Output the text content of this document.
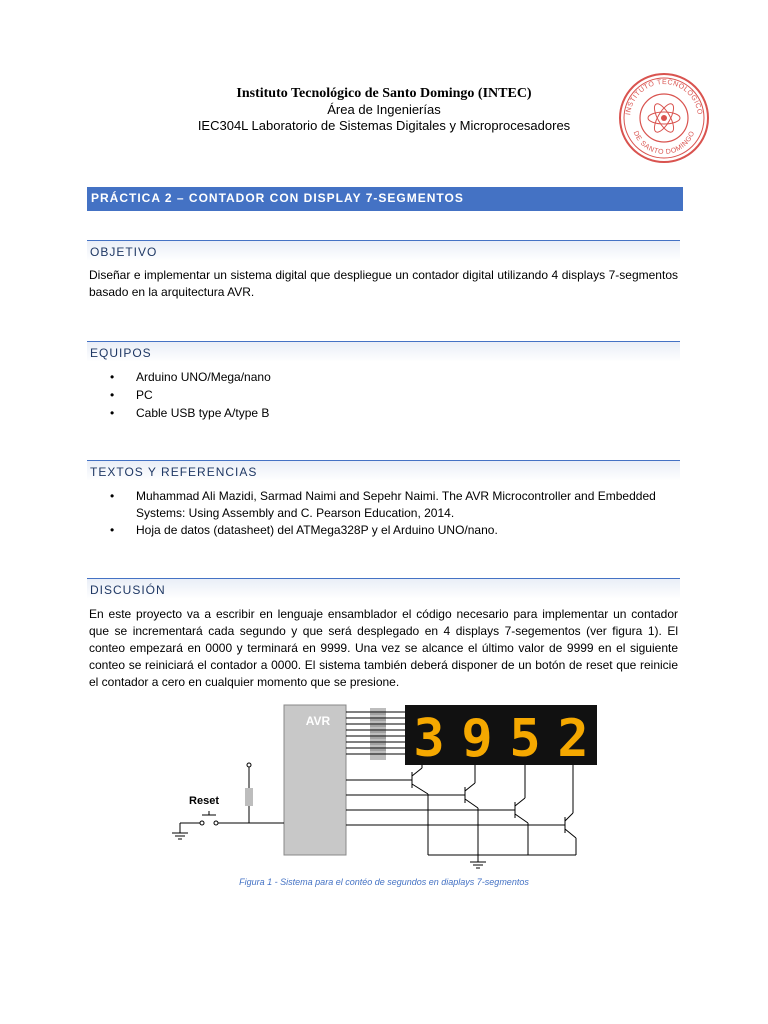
Instituto Tecnológico de Santo Domingo (INTEC)
Área de Ingenierías
IEC304L Laboratorio de Sistemas Digitales y Microprocesadores
INSTITUTO TECNOLÓGICO
DE SANTO DOMINGO
PRÁCTICA 2 – CONTADOR CON DISPLAY 7-SEGMENTOS
OBJETIVO
Diseñar e implementar un sistema digital que despliegue un contador digital utilizando 4 displays 7-segmentos basado en la arquitectura AVR.
EQUIPOS
• Arduino UNO/Mega/nano
• PC
• Cable USB type A/type B
TEXTOS Y REFERENCIAS
• Muhammad Ali Mazidi, Sarmad Naimi and Sepehr Naimi. The AVR Microcontroller and Embedded Systems: Using Assembly and C. Pearson Education, 2014.
• Hoja de datos (datasheet) del ATMega328P y el Arduino UNO/nano.
DISCUSIÓN
En este proyecto va a escribir en lenguaje ensamblador el código necesario para implementar un contador que se incrementará cada segundo y que será desplegado en 4 displays 7-segementos (ver figura 1). El conteo empezará en 0000 y terminará en 9999. Una vez se alcance el último valor de 9999 en el siguiente conteo se reiniciará el contador a 0000. El sistema también deberá disponer de un botón de reset que reinicie el contador a cero en cualquier momento que se presione.
AVR 3 9 5 2
Reset
Figura 1 - Sistema para el contéo de segundos en diaplays 7-segmentos
